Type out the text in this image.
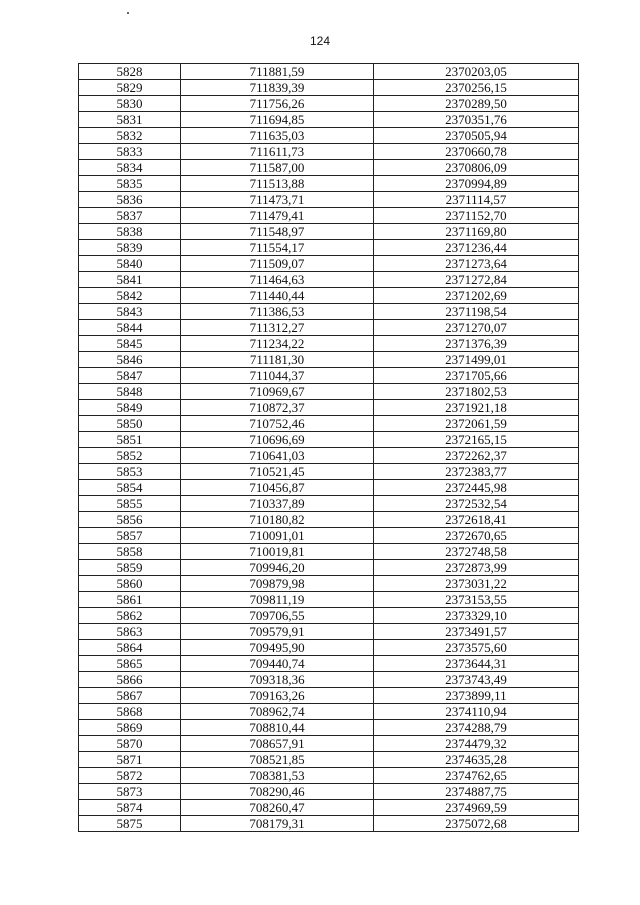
124
5828	711881,59	2370203,05
5829	711839,39	2370256,15
5830	711756,26	2370289,50
5831	711694,85	2370351,76
5832	711635,03	2370505,94
5833	711611,73	2370660,78
5834	711587,00	2370806,09
5835	711513,88	2370994,89
5836	711473,71	2371114,57
5837	711479,41	2371152,70
5838	711548,97	2371169,80
5839	711554,17	2371236,44
5840	711509,07	2371273,64
5841	711464,63	2371272,84
5842	711440,44	2371202,69
5843	711386,53	2371198,54
5844	711312,27	2371270,07
5845	711234,22	2371376,39
5846	711181,30	2371499,01
5847	711044,37	2371705,66
5848	710969,67	2371802,53
5849	710872,37	2371921,18
5850	710752,46	2372061,59
5851	710696,69	2372165,15
5852	710641,03	2372262,37
5853	710521,45	2372383,77
5854	710456,87	2372445,98
5855	710337,89	2372532,54
5856	710180,82	2372618,41
5857	710091,01	2372670,65
5858	710019,81	2372748,58
5859	709946,20	2372873,99
5860	709879,98	2373031,22
5861	709811,19	2373153,55
5862	709706,55	2373329,10
5863	709579,91	2373491,57
5864	709495,90	2373575,60
5865	709440,74	2373644,31
5866	709318,36	2373743,49
5867	709163,26	2373899,11
5868	708962,74	2374110,94
5869	708810,44	2374288,79
5870	708657,91	2374479,32
5871	708521,85	2374635,28
5872	708381,53	2374762,65
5873	708290,46	2374887,75
5874	708260,47	2374969,59
5875	708179,31	2375072,68
